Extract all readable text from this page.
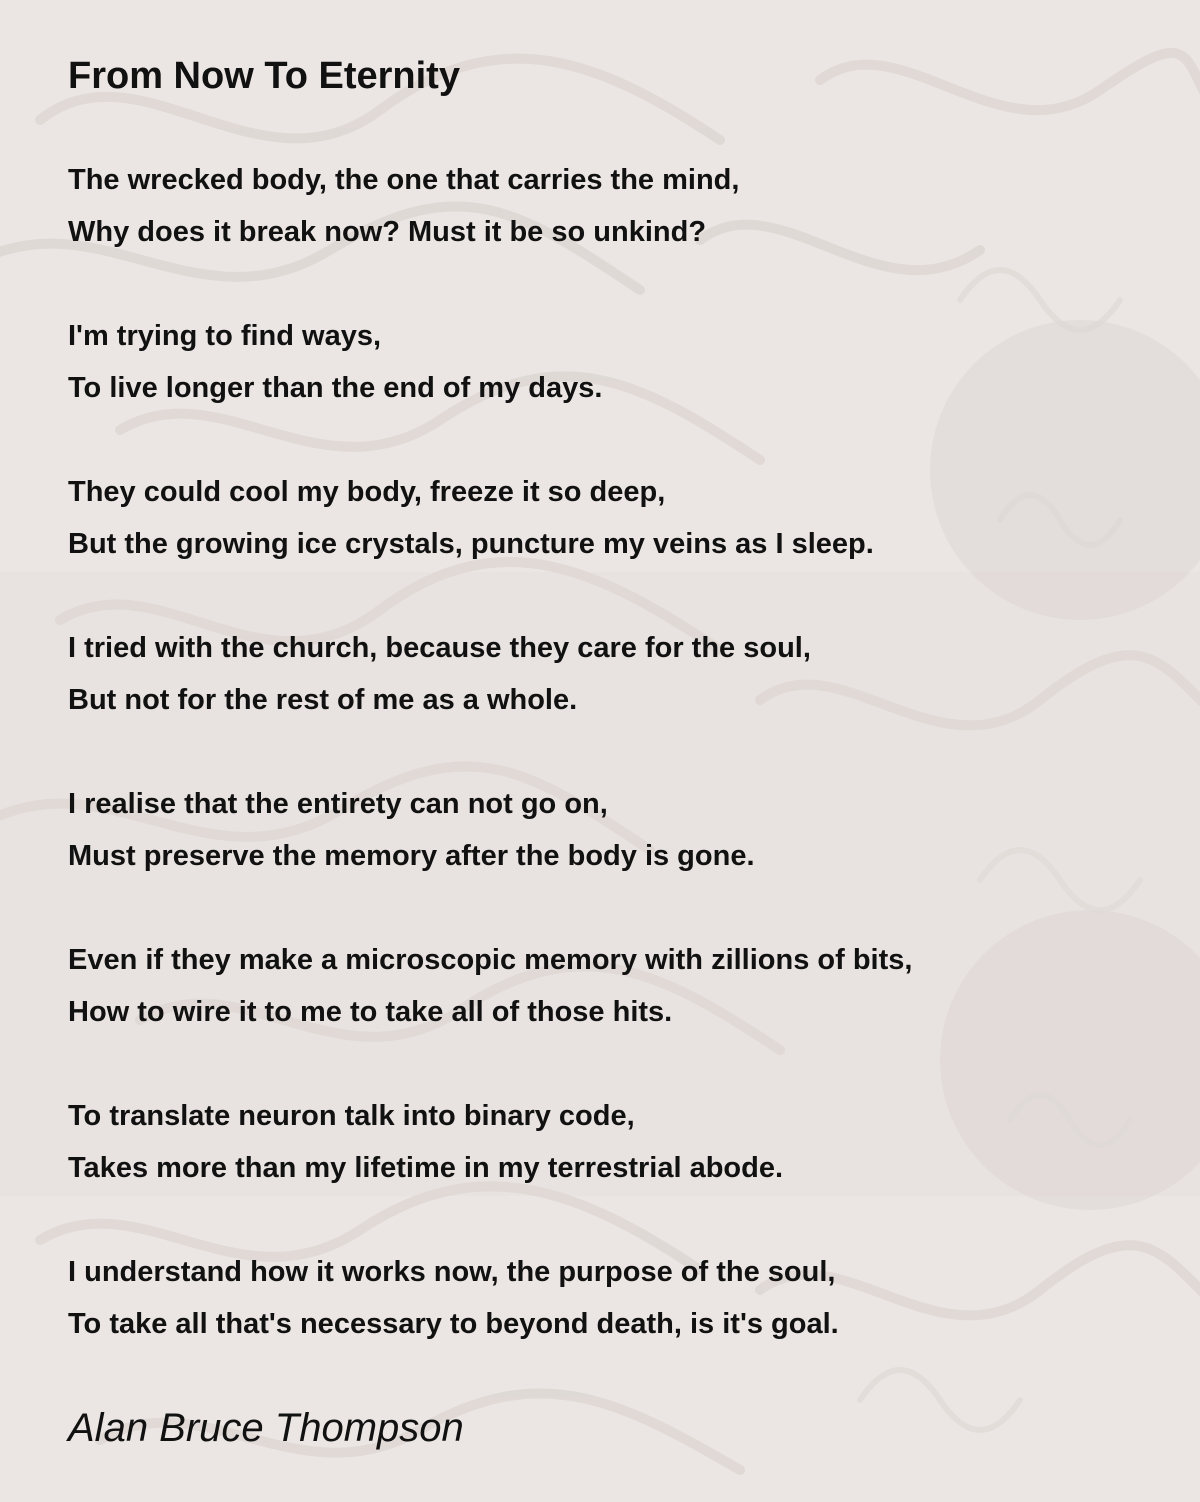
From Now To Eternity

The wrecked body, the one that carries the mind,
Why does it break now? Must it be so unkind?

I'm trying to find ways,
To live longer than the end of my days.

They could cool my body, freeze it so deep,
But the growing ice crystals, puncture my veins as I sleep.

I tried with the church, because they care for the soul,
But not for the rest of me as a whole.

I realise that the entirety can not go on,
Must preserve the memory after the body is gone.

Even if they make a microscopic memory with zillions of bits,
How to wire it to me to take all of those hits.

To translate neuron talk into binary code,
Takes more than my lifetime in my terrestrial abode.

I understand how it works now, the purpose of the soul,
To take all that's necessary to beyond death, is it's goal.

Alan Bruce Thompson
